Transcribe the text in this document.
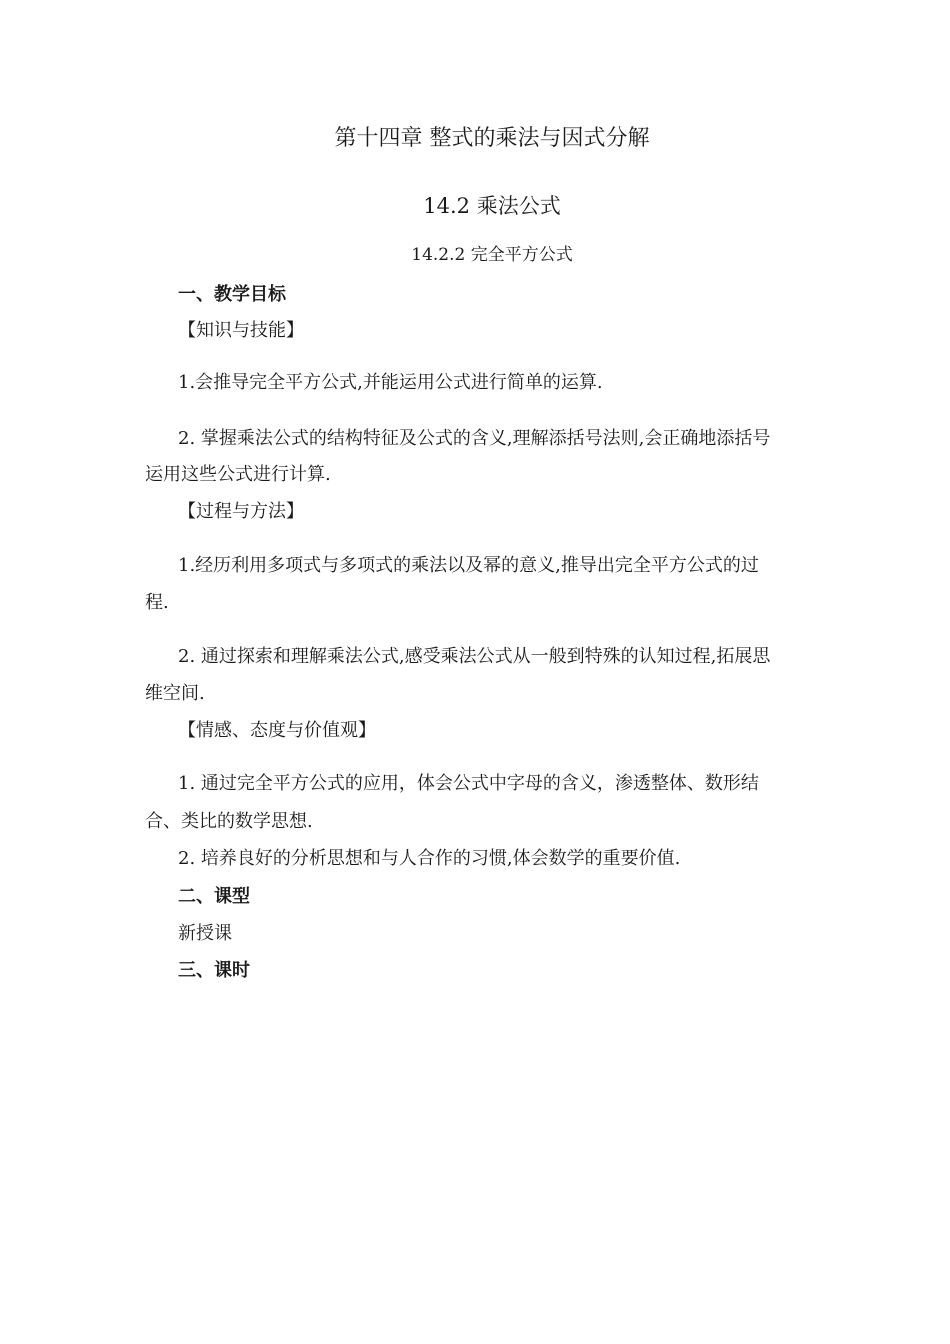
第十四章 整式的乘法与因式分解
14.2 乘法公式
14.2.2 完全平方公式
一、教学目标
【知识与技能】
1.会推导完全平方公式,并能运用公式进行简单的运算.
2. 掌握乘法公式的结构特征及公式的含义,理解添括号法则,会正确地添括号
运用这些公式进行计算.
【过程与方法】
1.经历利用多项式与多项式的乘法以及幂的意义,推导出完全平方公式的过
程.
2. 通过探索和理解乘法公式,感受乘法公式从一般到特殊的认知过程,拓展思
维空间.
【情感、态度与价值观】
1. 通过完全平方公式的应用，体会公式中字母的含义，渗透整体、数形结
合、类比的数学思想.
2. 培养良好的分析思想和与人合作的习惯,体会数学的重要价值.
二、课型
新授课
三、课时
